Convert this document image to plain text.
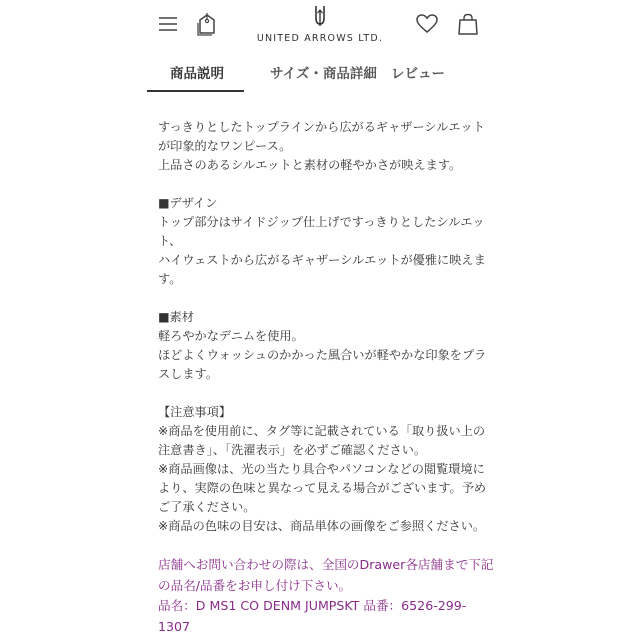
UNITED ARROWS LTD.
商品説明	サイズ・商品詳細 レビュー
すっきりとしたトップラインから広がるギャザーシルエット
が印象的なワンピース。
上品さのあるシルエットと素材の軽やかさが映えます。
■デザイン
トップ部分はサイドジップ仕上げですっきりとしたシルエッ
ト、
ハイウェストから広がるギャザーシルエットが優雅に映えま
す。
■素材
軽ろやかなデニムを使用。
ほどよくウォッシュのかかった風合いが軽やかな印象をプラ
スします。
【注意事項】
※商品を使用前に、タグ等に記載されている「取り扱い上の
注意書き」、「洗濯表示」を必ずご確認ください。
※商品画像は、光の当たり具合やパソコンなどの閲覧環境に
より、実際の色味と異なって見える場合がございます。予め
ご了承ください。
※商品の色味の目安は、商品単体の画像をご参照ください。
店舗へお問い合わせの際は、全国のDrawer各店舗まで下記
の品名/品番をお申し付け下さい。
品名：D MS1 CO DENM JUMPSKT 品番：6526-299-
1307
